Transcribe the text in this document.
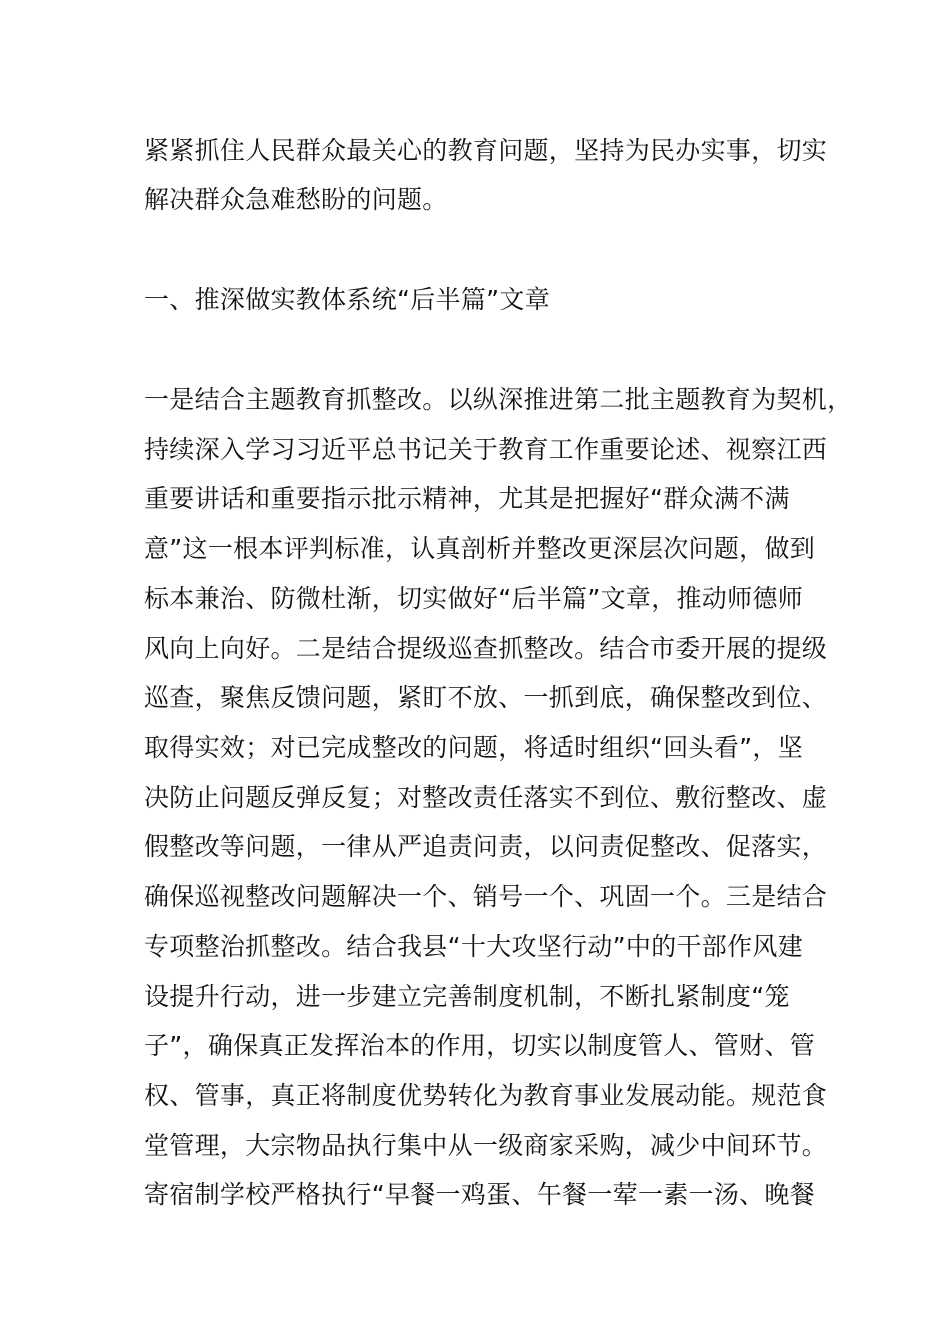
紧紧抓住人民群众最关心的教育问题，坚持为民办实事，切实
解决群众急难愁盼的问题。
一、推深做实教体系统“后半篇”文章
一是结合主题教育抓整改。以纵深推进第二批主题教育为契机，
持续深入学习习近平总书记关于教育工作重要论述、视察江西
重要讲话和重要指示批示精神，尤其是把握好“群众满不满
意”这一根本评判标准，认真剖析并整改更深层次问题，做到
标本兼治、防微杜渐，切实做好“后半篇”文章，推动师德师
风向上向好。二是结合提级巡查抓整改。结合市委开展的提级
巡查，聚焦反馈问题，紧盯不放、一抓到底，确保整改到位、
取得实效；对已完成整改的问题，将适时组织“回头看”，坚
决防止问题反弹反复；对整改责任落实不到位、敷衍整改、虚
假整改等问题，一律从严追责问责，以问责促整改、促落实，
确保巡视整改问题解决一个、销号一个、巩固一个。三是结合
专项整治抓整改。结合我县“十大攻坚行动”中的干部作风建
设提升行动，进一步建立完善制度机制，不断扎紧制度“笼
子”，确保真正发挥治本的作用，切实以制度管人、管财、管
权、管事，真正将制度优势转化为教育事业发展动能。规范食
堂管理，大宗物品执行集中从一级商家采购，减少中间环节。
寄宿制学校严格执行“早餐一鸡蛋、午餐一荤一素一汤、晚餐
